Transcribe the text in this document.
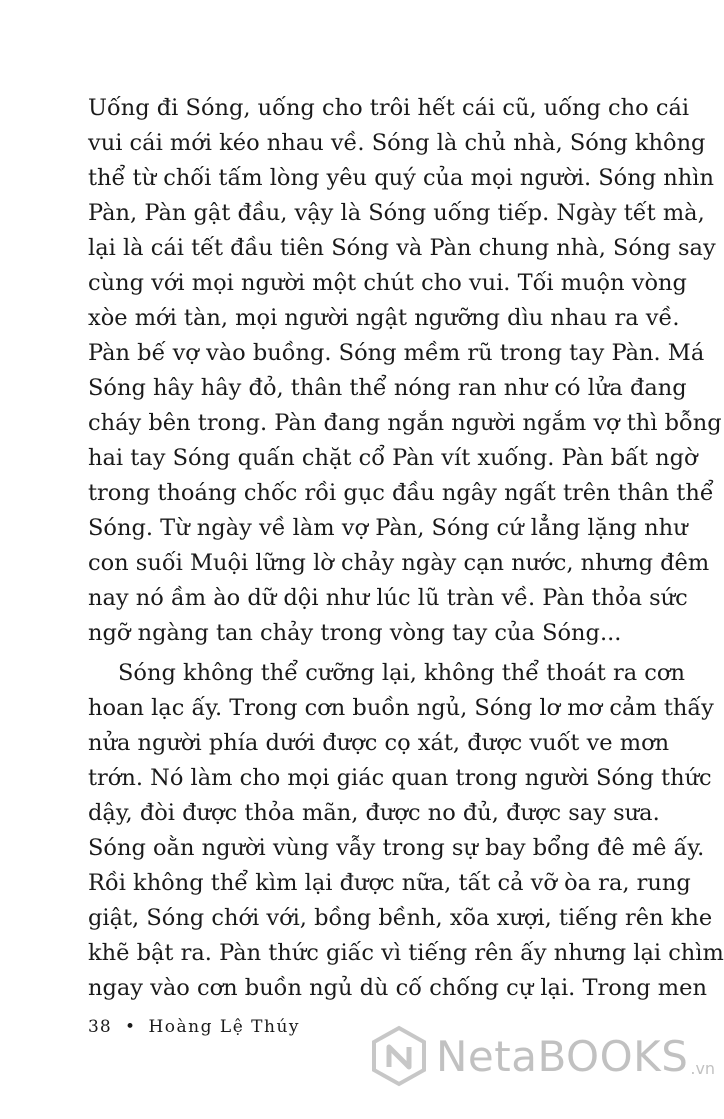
Uống đi Sóng, uống cho trôi hết cái cũ, uống cho cái
vui cái mới kéo nhau về. Sóng là chủ nhà, Sóng không
thể từ chối tấm lòng yêu quý của mọi người. Sóng nhìn
Pàn, Pàn gật đầu, vậy là Sóng uống tiếp. Ngày tết mà,
lại là cái tết đầu tiên Sóng và Pàn chung nhà, Sóng say
cùng với mọi người một chút cho vui. Tối muộn vòng
xòe mới tàn, mọi người ngật ngưỡng dìu nhau ra về.
Pàn bế vợ vào buồng. Sóng mềm rũ trong tay Pàn. Má
Sóng hây hây đỏ, thân thể nóng ran như có lửa đang
cháy bên trong. Pàn đang ngắn người ngắm vợ thì bỗng
hai tay Sóng quấn chặt cổ Pàn vít xuống. Pàn bất ngờ
trong thoáng chốc rồi gục đầu ngây ngất trên thân thể
Sóng. Từ ngày về làm vợ Pàn, Sóng cứ lẳng lặng như
con suối Muội lững lờ chảy ngày cạn nước, nhưng đêm
nay nó ầm ào dữ dội như lúc lũ tràn về. Pàn thỏa sức
ngỡ ngàng tan chảy trong vòng tay của Sóng...
Sóng không thể cưỡng lại, không thể thoát ra cơn
hoan lạc ấy. Trong cơn buồn ngủ, Sóng lơ mơ cảm thấy
nửa người phía dưới được cọ xát, được vuốt ve mơn
trớn. Nó làm cho mọi giác quan trong người Sóng thức
dậy, đòi được thỏa mãn, được no đủ, được say sưa.
Sóng oằn người vùng vẫy trong sự bay bổng đê mê ấy.
Rồi không thể kìm lại được nữa, tất cả vỡ òa ra, rung
giật, Sóng chới với, bồng bềnh, xõa xượi, tiếng rên khe
khẽ bật ra. Pàn thức giấc vì tiếng rên ấy nhưng lại chìm
ngay vào cơn buồn ngủ dù cố chống cự lại. Trong men
38 • Hoàng Lệ Thúy
NetaBOOKS .vn
